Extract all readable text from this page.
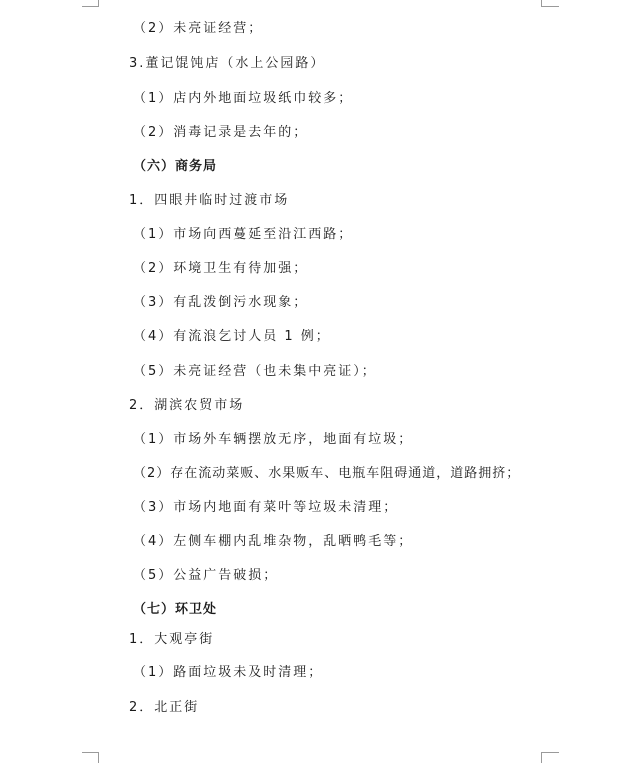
（2）未亮证经营；
3.董记馄饨店（水上公园路）
（1）店内外地面垃圾纸巾较多；
（2）消毒记录是去年的；
（六）商务局
1．四眼井临时过渡市场
（1）市场向西蔓延至沿江西路；
（2）环境卫生有待加强；
（3）有乱泼倒污水现象；
（4）有流浪乞讨人员 1 例；
（5）未亮证经营（也未集中亮证）；
2．湖滨农贸市场
（1）市场外车辆摆放无序，地面有垃圾；
（2）存在流动菜贩、水果贩车、电瓶车阻碍通道，道路拥挤；
（3）市场内地面有菜叶等垃圾未清理；
（4）左侧车棚内乱堆杂物，乱晒鸭毛等；
（5）公益广告破损；
（七）环卫处
1．大观亭街
（1）路面垃圾未及时清理；
2．北正街
